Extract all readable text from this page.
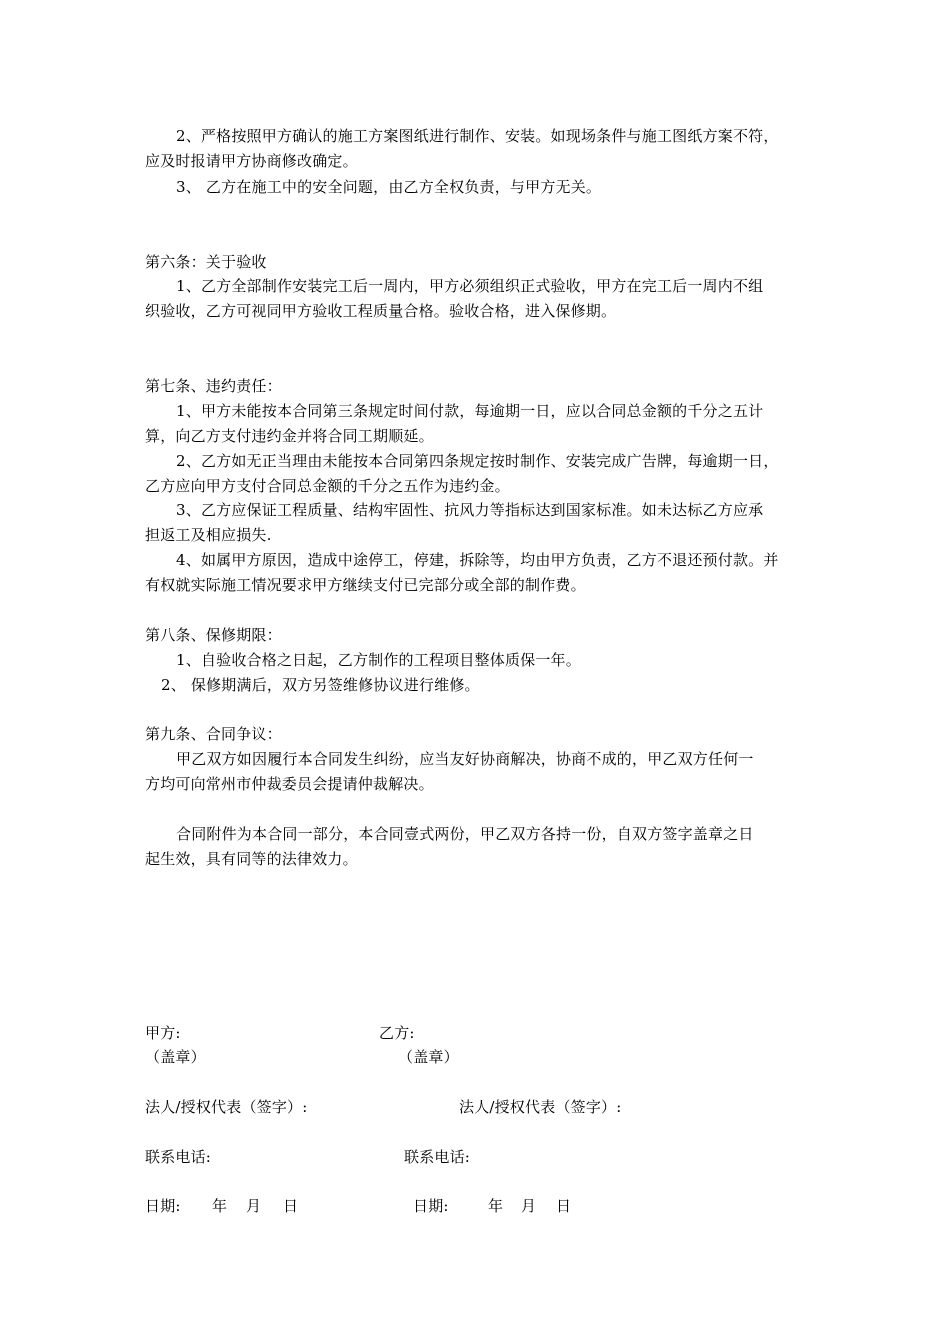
2、严格按照甲方确认的施工方案图纸进行制作、安装。如现场条件与施工图纸方案不符，
应及时报请甲方协商修改确定。
3、 乙方在施工中的安全问题，由乙方全权负责，与甲方无关。
第六条：关于验收
1、乙方全部制作安装完工后一周内，甲方必须组织正式验收，甲方在完工后一周内不组
织验收，乙方可视同甲方验收工程质量合格。验收合格，进入保修期。
第七条、违约责任：
1、甲方未能按本合同第三条规定时间付款，每逾期一日，应以合同总金额的千分之五计
算，向乙方支付违约金并将合同工期顺延。
2、乙方如无正当理由未能按本合同第四条规定按时制作、安装完成广告牌，每逾期一日，
乙方应向甲方支付合同总金额的千分之五作为违约金。
3、乙方应保证工程质量、结构牢固性、抗风力等指标达到国家标准。如未达标乙方应承
担返工及相应损失.
4、如属甲方原因，造成中途停工，停建，拆除等，均由甲方负责，乙方不退还预付款。并
有权就实际施工情况要求甲方继续支付已完部分或全部的制作费。
第八条、保修期限：
1、自验收合格之日起，乙方制作的工程项目整体质保一年。
2、 保修期满后，双方另签维修协议进行维修。
第九条、合同争议：
甲乙双方如因履行本合同发生纠纷，应当友好协商解决，协商不成的，甲乙双方任何一
方均可向常州市仲裁委员会提请仲裁解决。
合同附件为本合同一部分，本合同壹式两份，甲乙双方各持一份，自双方签字盖章之日
起生效，具有同等的法律效力。
甲方:	乙方:
（盖章）	（盖章）
法人/授权代表（签字）:	法人/授权代表（签字）:
联系电话:	联系电话:
日期: 年 月 日	日期:	年 月 日
